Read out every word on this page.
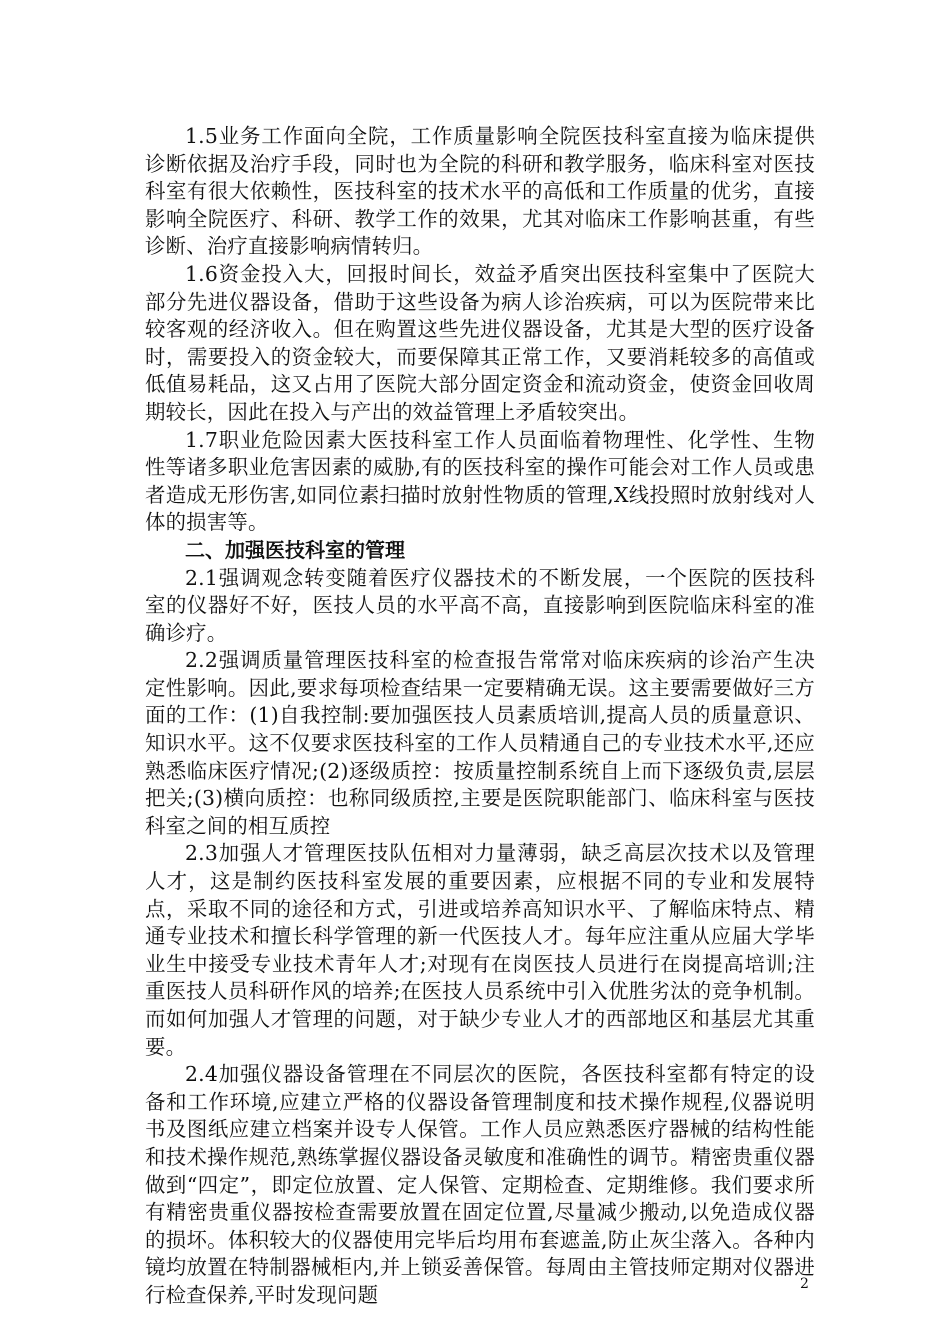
1.5业务工作面向全院，工作质量影响全院医技科室直接为临床提供诊断依据及治疗手段，同时也为全院的科研和教学服务，临床科室对医技科室有很大依赖性，医技科室的技术水平的高低和工作质量的优劣，直接影响全院医疗、科研、教学工作的效果，尤其对临床工作影响甚重，有些诊断、治疗直接影响病情转归。

1.6资金投入大，回报时间长，效益矛盾突出医技科室集中了医院大部分先进仪器设备，借助于这些设备为病人诊治疾病，可以为医院带来比较客观的经济收入。但在购置这些先进仪器设备，尤其是大型的医疗设备时，需要投入的资金较大，而要保障其正常工作，又要消耗较多的高值或低值易耗品，这又占用了医院大部分固定资金和流动资金，使资金回收周期较长，因此在投入与产出的效益管理上矛盾较突出。

1.7职业危险因素大医技科室工作人员面临着物理性、化学性、生物性等诸多职业危害因素的威胁,有的医技科室的操作可能会对工作人员或患者造成无形伤害,如同位素扫描时放射性物质的管理,X线投照时放射线对人体的损害等。

二、加强医技科室的管理

2.1强调观念转变随着医疗仪器技术的不断发展，一个医院的医技科室的仪器好不好，医技人员的水平高不高，直接影响到医院临床科室的准确诊疗。

2.2强调质量管理医技科室的检查报告常常对临床疾病的诊治产生决定性影响。因此,要求每项检查结果一定要精确无误。这主要需要做好三方面的工作：(1)自我控制:要加强医技人员素质培训,提高人员的质量意识、知识水平。这不仅要求医技科室的工作人员精通自己的专业技术水平,还应熟悉临床医疗情况;(2)逐级质控：按质量控制系统自上而下逐级负责,层层把关;(3)横向质控：也称同级质控,主要是医院职能部门、临床科室与医技科室之间的相互质控

2.3加强人才管理医技队伍相对力量薄弱，缺乏高层次技术以及管理人才，这是制约医技科室发展的重要因素，应根据不同的专业和发展特点，采取不同的途径和方式，引进或培养高知识水平、了解临床特点、精通专业技术和擅长科学管理的新一代医技人才。每年应注重从应届大学毕业生中接受专业技术青年人才;对现有在岗医技人员进行在岗提高培训;注重医技人员科研作风的培养;在医技人员系统中引入优胜劣汰的竞争机制。而如何加强人才管理的问题，对于缺少专业人才的西部地区和基层尤其重要。

2.4加强仪器设备管理在不同层次的医院，各医技科室都有特定的设备和工作环境,应建立严格的仪器设备管理制度和技术操作规程,仪器说明书及图纸应建立档案并设专人保管。工作人员应熟悉医疗器械的结构性能和技术操作规范,熟练掌握仪器设备灵敏度和准确性的调节。精密贵重仪器做到“四定”，即定位放置、定人保管、定期检查、定期维修。我们要求所有精密贵重仪器按检查需要放置在固定位置,尽量减少搬动,以免造成仪器的损坏。体积较大的仪器使用完毕后均用布套遮盖,防止灰尘落入。各种内镜均放置在特制器械柜内,并上锁妥善保管。每周由主管技师定期对仪器进行检查保养,平时发现问题	2
